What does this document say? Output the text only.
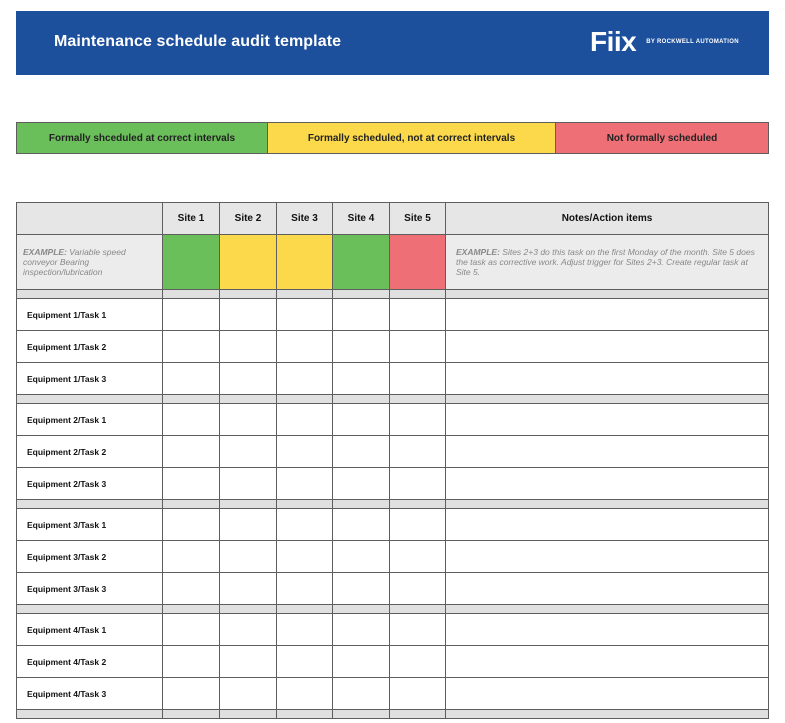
Maintenance schedule audit template	Fiix BY ROCKWELL AUTOMATION
Formally shceduled at correct intervals	Formally scheduled, not at correct intervals	Not formally scheduled
	Site 1	Site 2	Site 3	Site 4	Site 5	Notes/Action items
EXAMPLE: Variable speed conveyor Bearing inspection/lubrication						EXAMPLE: Sites 2+3 do this task on the first Monday of the month. Site 5 does the task as corrective work. Adjust trigger for Sites 2+3. Create regular task at Site 5.

Equipment 1/Task 1						
Equipment 1/Task 2						
Equipment 1/Task 3						

Equipment 2/Task 1						
Equipment 2/Task 2						
Equipment 2/Task 3						

Equipment 3/Task 1						
Equipment 3/Task 2						
Equipment 3/Task 3						

Equipment 4/Task 1						
Equipment 4/Task 2						
Equipment 4/Task 3						
